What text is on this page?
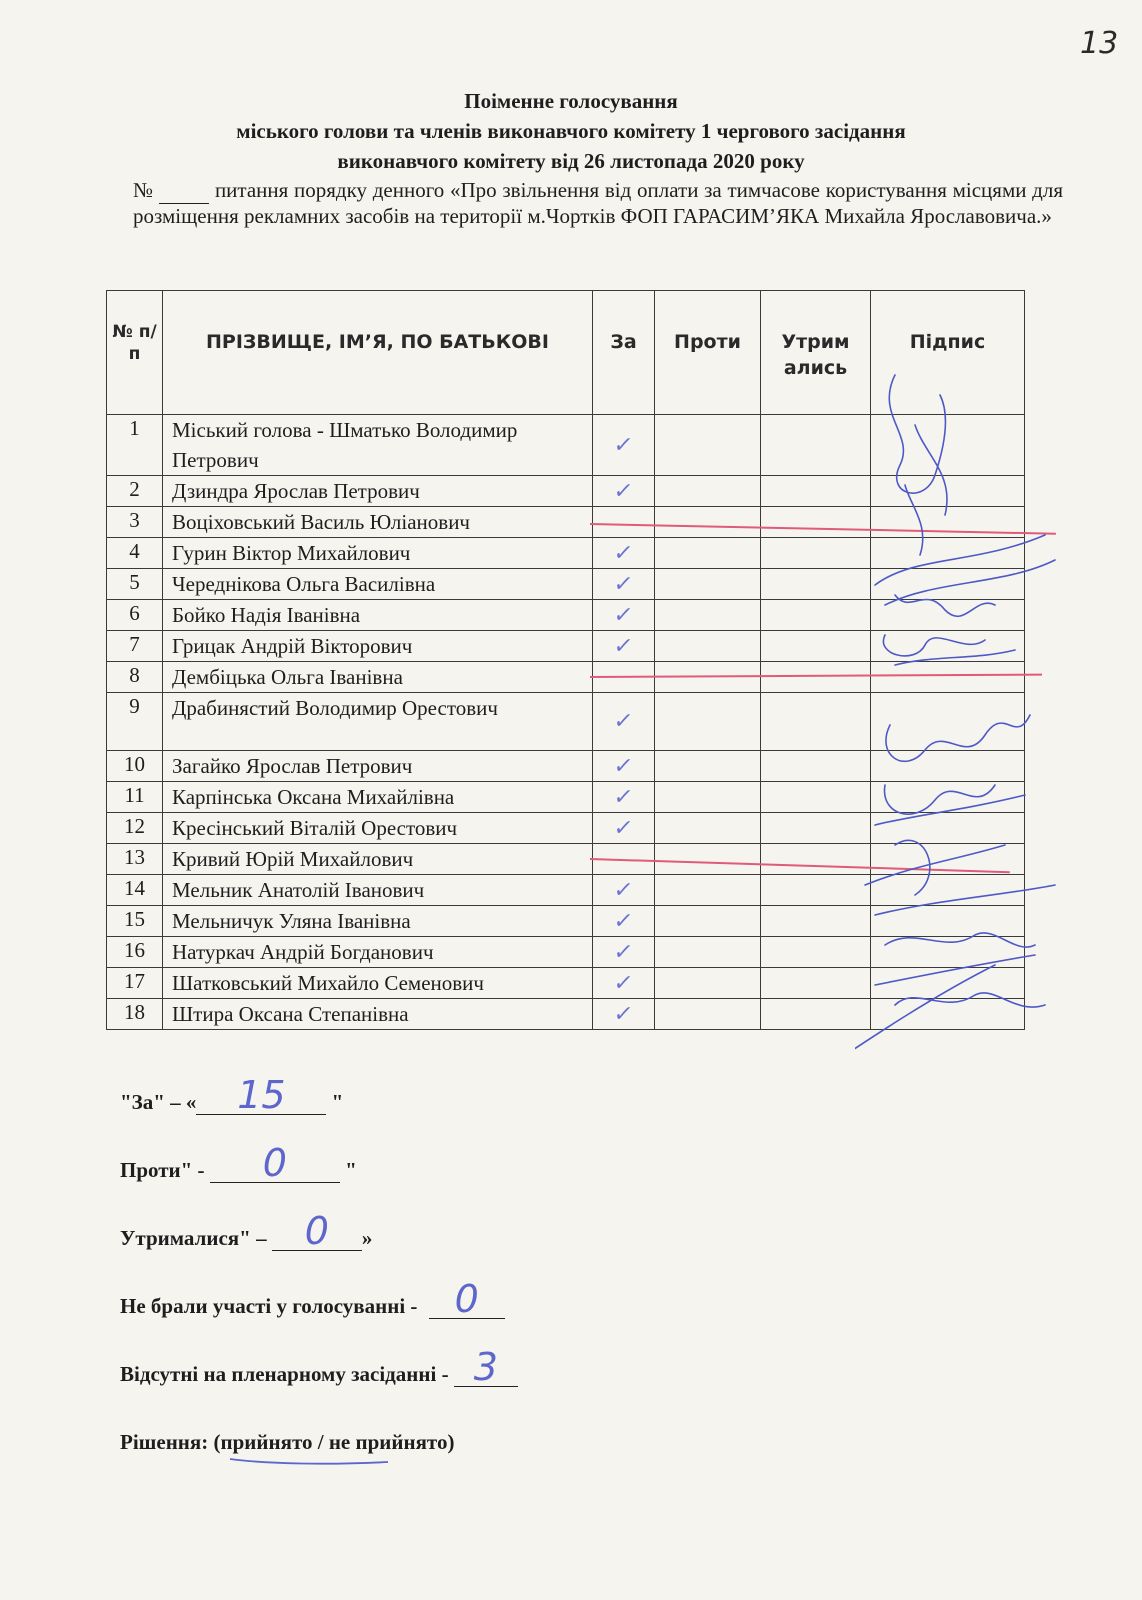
13
Поіменне голосування
міського голови та членів виконавчого комітету 1 чергового засідання
виконавчого комітету від 26 листопада 2020 року
№	питання порядку денного «Про звільнення від оплати за тимчасове користування місцями для розміщення рекламних засобів на території м.Чортків ФОП ГАРАСИМ’ЯКА Михайла Ярославовича.»
№ п/ п	ПРІЗВИЩЕ, ІМ’Я, ПО БАТЬКОВІ	За	Проти	Утрим ались	Підпис
1	Міський голова - Шматько Володимир Петрович	✓			
2	Дзиндра Ярослав Петрович	✓			
3	Воціховський Василь Юліанович				
4	Гурин Віктор Михайлович	✓			
5	Череднікова Ольга Василівна	✓			
6	Бойко Надія Іванівна	✓			
7	Грицак Андрій Вікторович	✓			
8	Дембіцька Ольга Іванівна				
9	Драбинястий Володимир Орестович	✓			
10	Загайко Ярослав Петрович	✓			
11	Карпінська Оксана Михайлівна	✓			
12	Кресінський Віталій Орестович	✓			
13	Кривий Юрій Михайлович				
14	Мельник Анатолій Іванович	✓			
15	Мельничук Уляна Іванівна	✓			
16	Натуркач Андрій Богданович	✓			
17	Шатковський Михайло Семенович	✓			
18	Штира Оксана Степанівна	✓			
"За" – «	15	"
Проти" -	0	"
Утрималися" –	0	»
Не брали участі у голосуванні - 0
Відсутні на пленарному засіданні - 3
Рішення: (прийнято / не прийнято)
